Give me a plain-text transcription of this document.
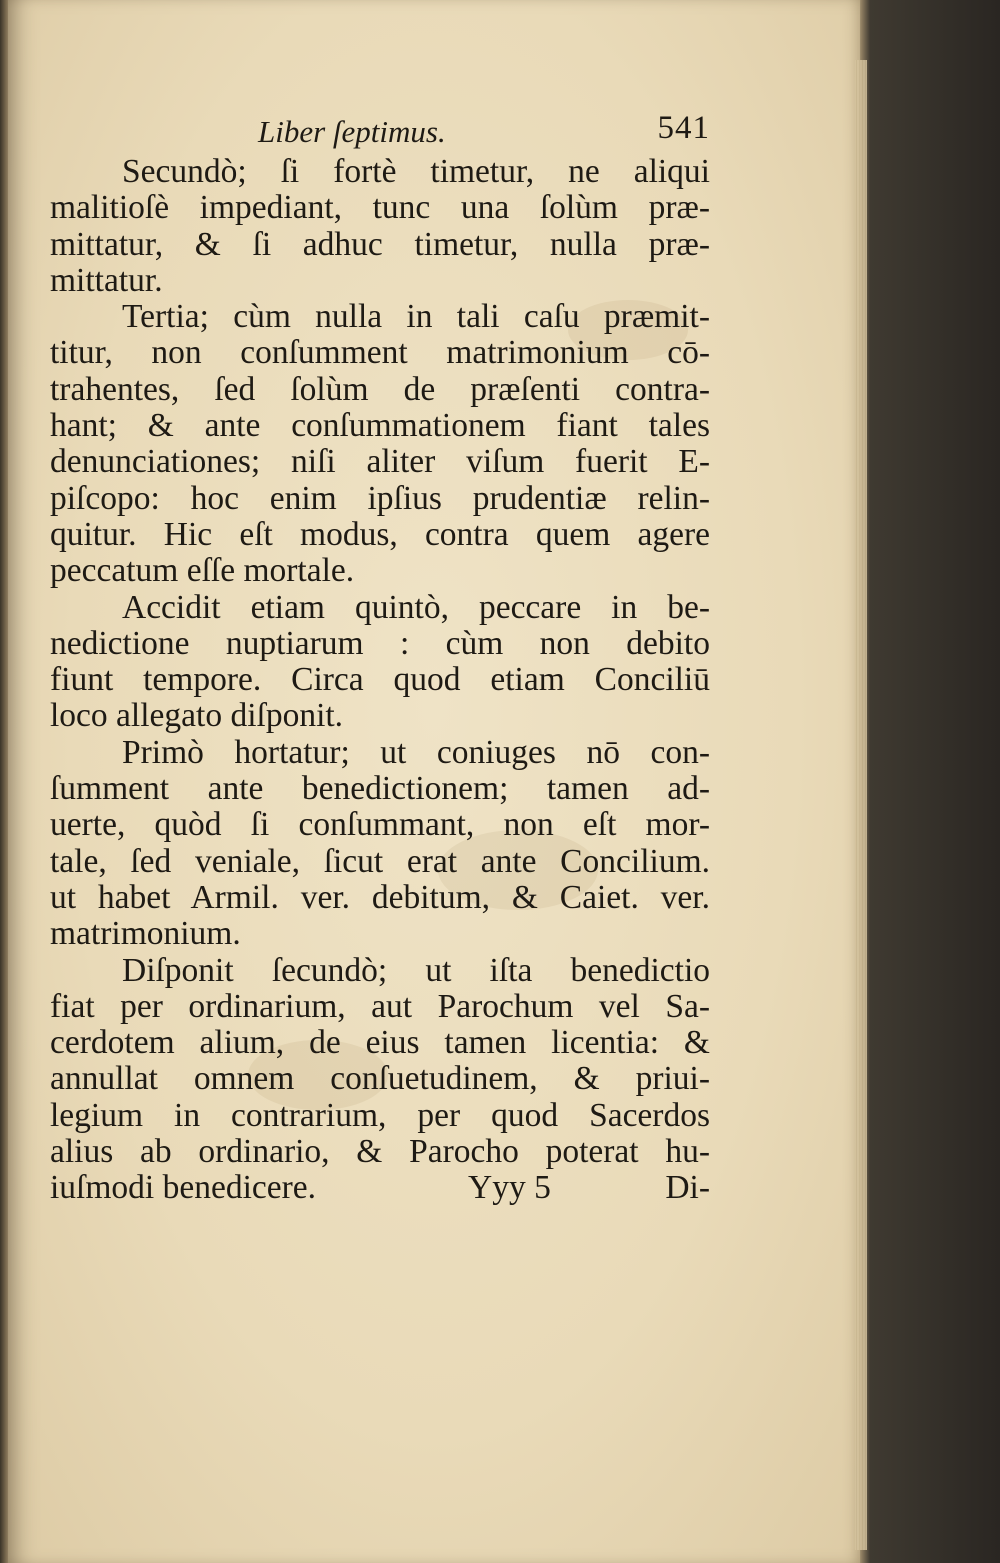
Liber ſeptimus.	541
Secundò; ſi fortè timetur, ne aliqui
malitioſè impediant, tunc una ſolùm præ-
mittatur, & ſi adhuc timetur, nulla præ-
mittatur.
Tertia; cùm nulla in tali caſu præmit-
titur, non conſumment matrimonium cō-
trahentes, ſed ſolùm de præſenti contra-
hant; & ante conſummationem fiant tales
denunciationes; niſi aliter viſum fuerit E-
piſcopo: hoc enim ipſius prudentiæ relin-
quitur. Hic eſt modus, contra quem agere
peccatum eſſe mortale.
Accidit etiam quintò, peccare in be-
nedictione nuptiarum : cùm non debito
fiunt tempore. Circa quod etiam Conciliū
loco allegato diſponit.
Primò hortatur; ut coniuges nō con-
ſumment ante benedictionem; tamen ad-
uerte, quòd ſi conſummant, non eſt mor-
tale, ſed veniale, ſicut erat ante Concilium.
ut habet Armil. ver. debitum, & Caiet. ver.
matrimonium.
Diſponit ſecundò; ut iſta benedictio
fiat per ordinarium, aut Parochum vel Sa-
cerdotem alium, de eius tamen licentia: &
annullat omnem conſuetudinem, & priui-
legium in contrarium, per quod Sacerdos
alius ab ordinario, & Parocho poterat hu-
iuſmodi benedicere.	Yyy 5	Di-
